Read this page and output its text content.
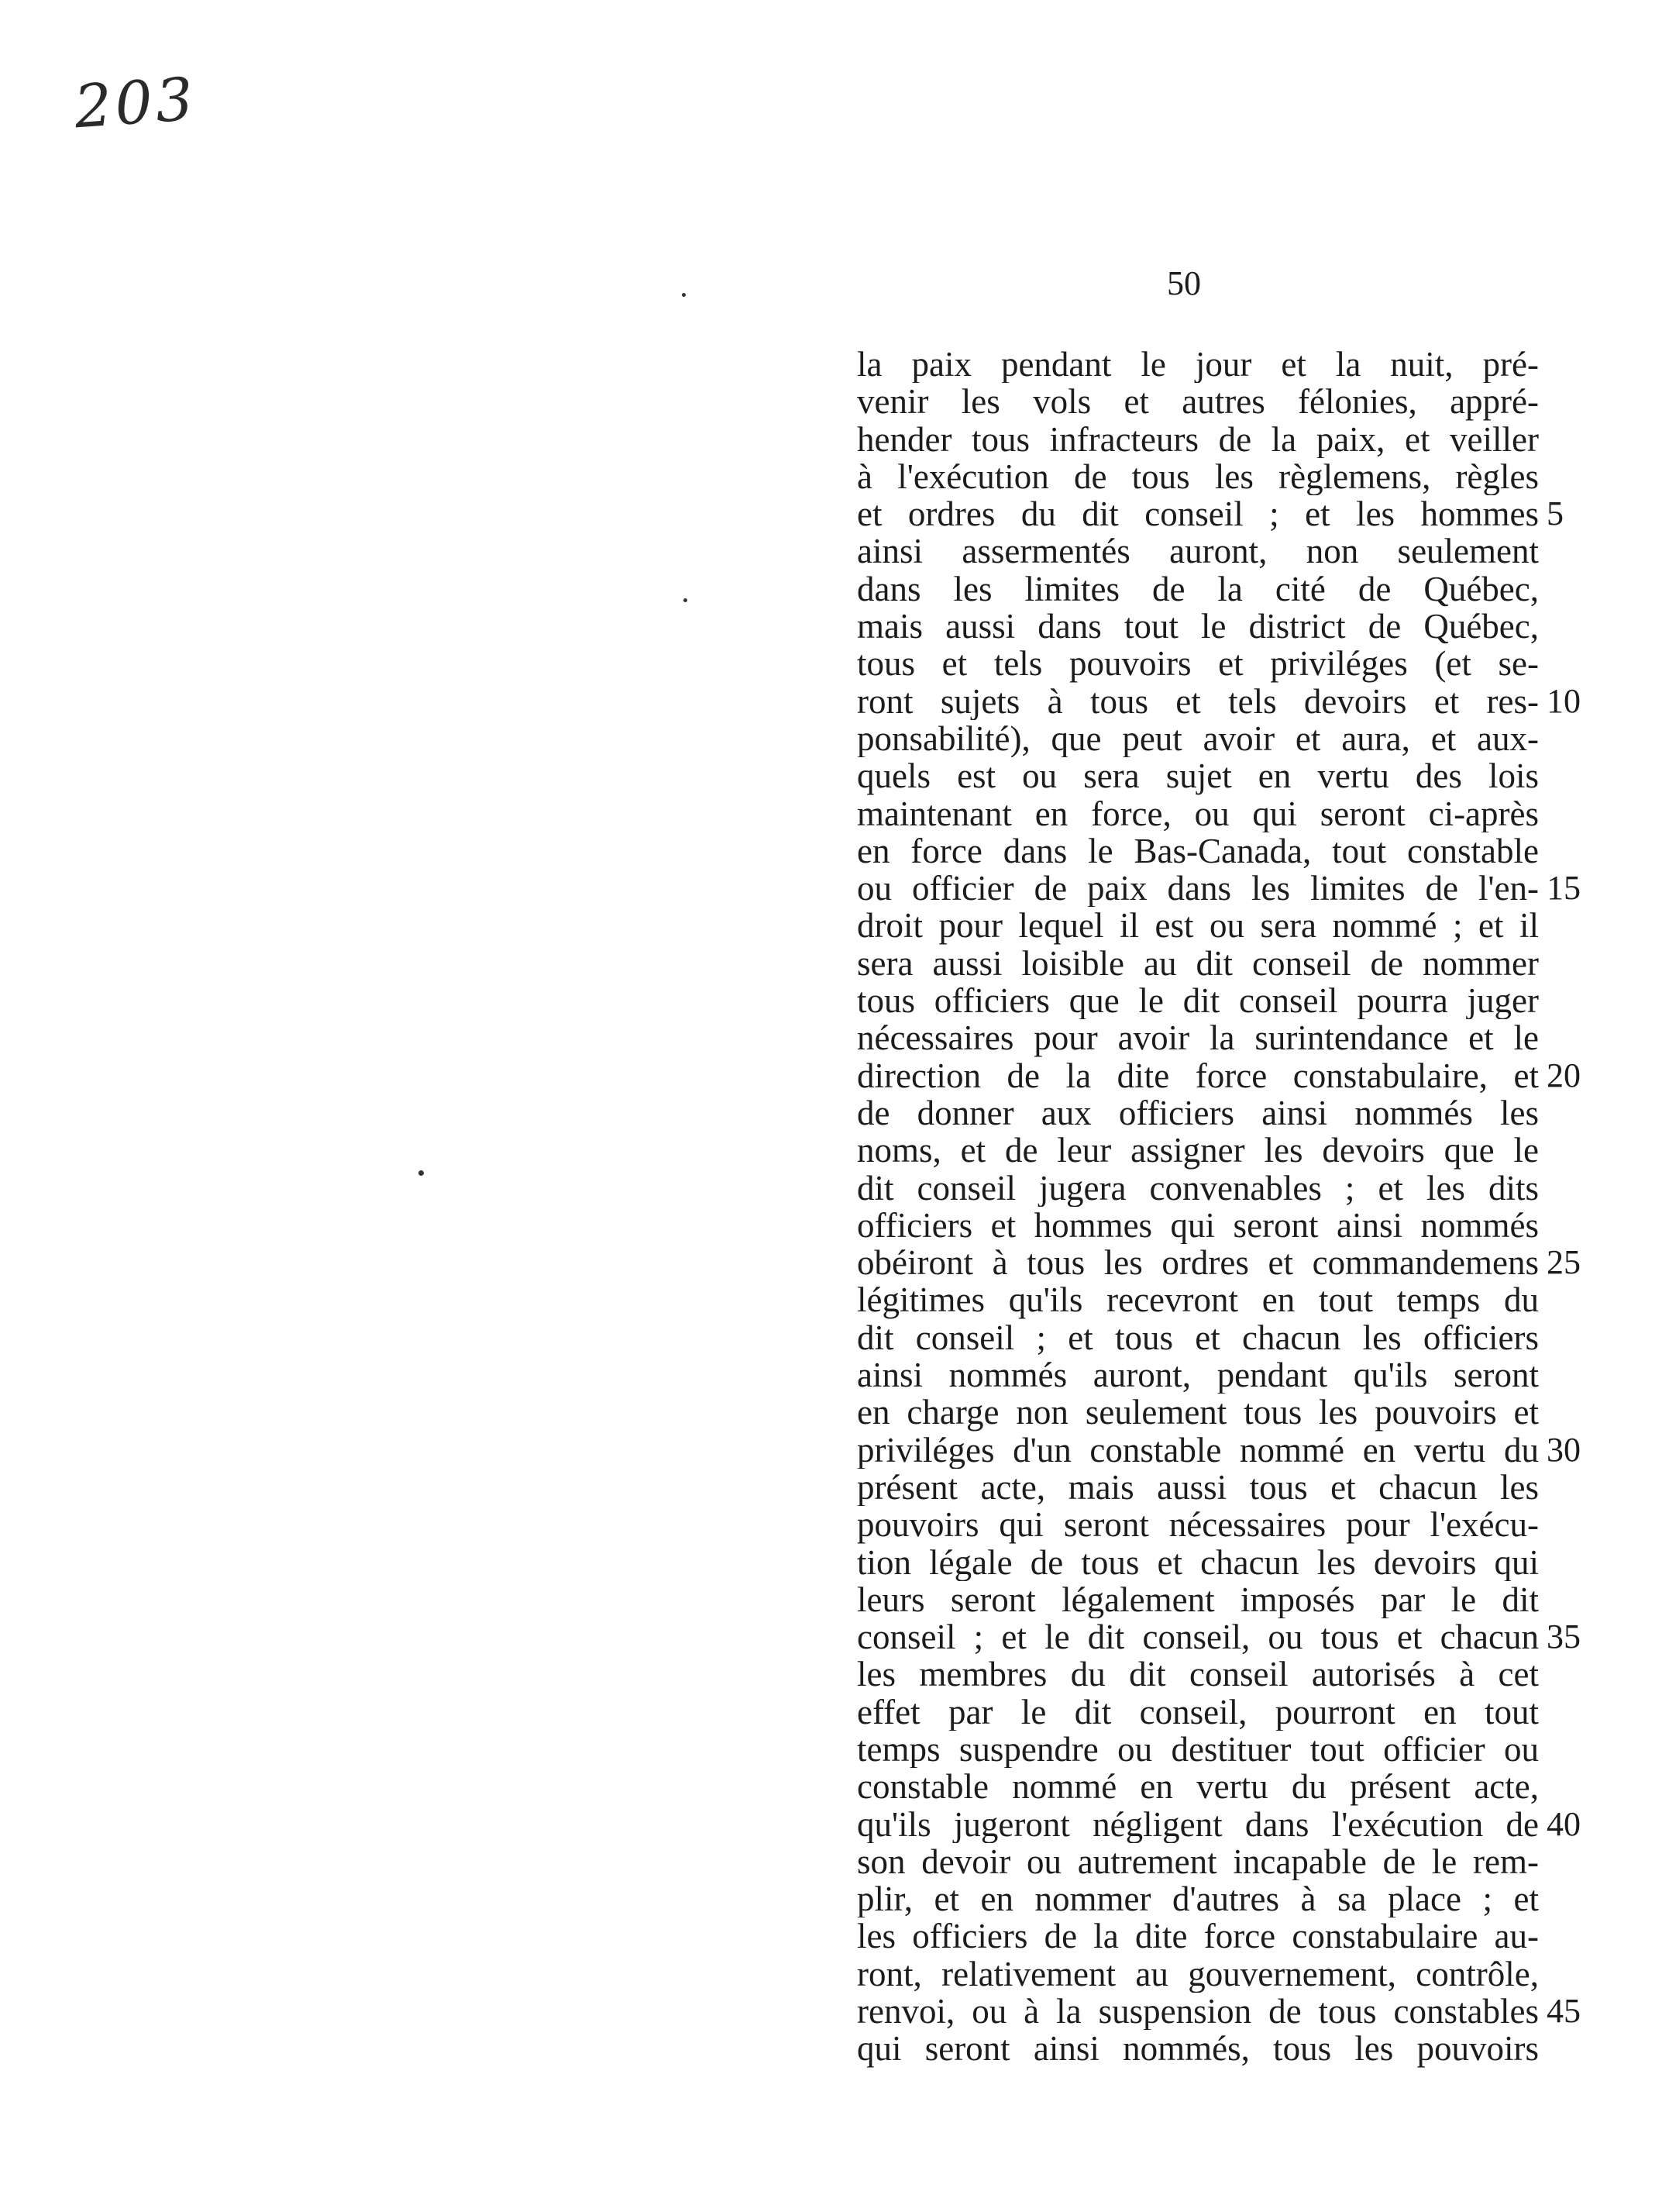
203
50
la paix pendant le jour et la nuit, pré-
venir les vols et autres félonies, appré-
hender tous infracteurs de la paix, et veiller
à l'exécution de tous les règlemens, règles
et ordres du dit conseil ; et les hommes
ainsi assermentés auront, non seulement
dans les limites de la cité de Québec,
mais aussi dans tout le district de Québec,
tous et tels pouvoirs et priviléges (et se-
ront sujets à tous et tels devoirs et res-
ponsabilité), que peut avoir et aura, et aux-
quels est ou sera sujet en vertu des lois
maintenant en force, ou qui seront ci-après
en force dans le Bas-Canada, tout constable
ou officier de paix dans les limites de l'en-
droit pour lequel il est ou sera nommé ; et il
sera aussi loisible au dit conseil de nommer
tous officiers que le dit conseil pourra juger
nécessaires pour avoir la surintendance et le
direction de la dite force constabulaire, et
de donner aux officiers ainsi nommés les
noms, et de leur assigner les devoirs que le
dit conseil jugera convenables ; et les dits
officiers et hommes qui seront ainsi nommés
obéiront à tous les ordres et commandemens
légitimes qu'ils recevront en tout temps du
dit conseil ; et tous et chacun les officiers
ainsi nommés auront, pendant qu'ils seront
en charge non seulement tous les pouvoirs et
priviléges d'un constable nommé en vertu du
présent acte, mais aussi tous et chacun les
pouvoirs qui seront nécessaires pour l'exécu-
tion légale de tous et chacun les devoirs qui
leurs seront légalement imposés par le dit
conseil ; et le dit conseil, ou tous et chacun
les membres du dit conseil autorisés à cet
effet par le dit conseil, pourront en tout
temps suspendre ou destituer tout officier ou
constable nommé en vertu du présent acte,
qu'ils jugeront négligent dans l'exécution de
son devoir ou autrement incapable de le rem-
plir, et en nommer d'autres à sa place ; et
les officiers de la dite force constabulaire au-
ront, relativement au gouvernement, contrôle,
renvoi, ou à la suspension de tous constables
qui seront ainsi nommés, tous les pouvoirs
5
10
15
20
25
30
35
40
45
